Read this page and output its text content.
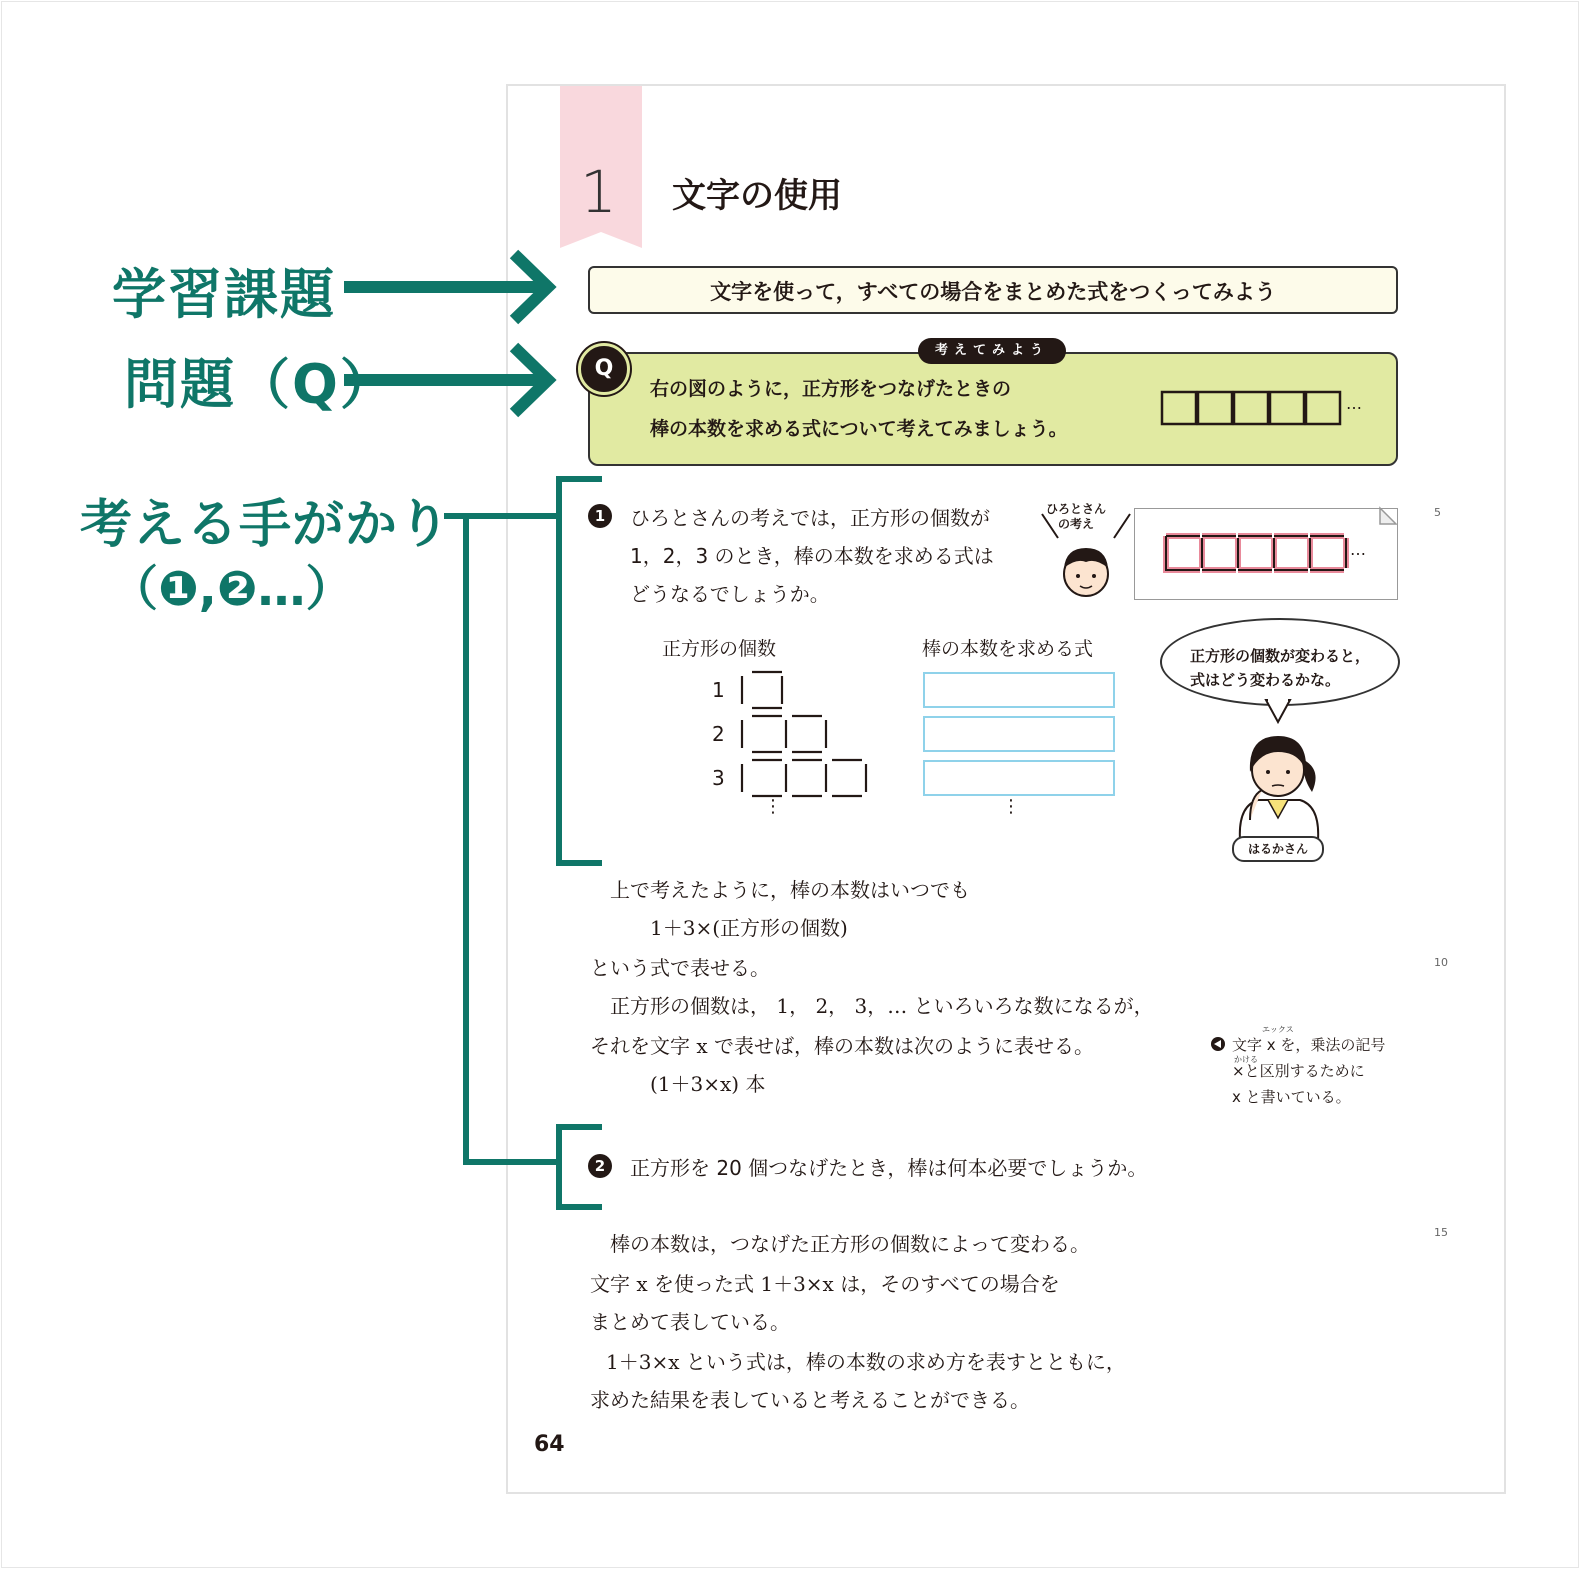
学習課題
問題（Q）
考える手がかり
（❶,❷…）
1 文字の使用
文字を使って，すべての場合をまとめた式をつくってみよう
Q
考えてみよう
右の図のように，正方形をつなげたときの
棒の本数を求める式について考えてみましょう。
…
1	ひろとさんの考えでは，正方形の個数が
1，2，3 のとき，棒の本数を求める式は
どうなるでしょうか。
ひろとさん
の考え
…
正方形の個数	棒の本数を求める式
1
2
3
⋮	⋮
正方形の個数が変わると，
式はどう変わるかな。
はるかさん
上で考えたように，棒の本数はいつでも
1＋3×(正方形の個数)
という式で表せる。
正方形の個数は， 1， 2， 3，… といろいろな数になるが，
それを文字 x で表せば，棒の本数は次のように表せる。
(1＋3×x) 本
エックス
かける
文字 x を，乗法の記号
×と区別するために
x と書いている。
2	正方形を 20 個つなげたとき，棒は何本必要でしょうか。
棒の本数は，つなげた正方形の個数によって変わる。
文字 x を使った式 1＋3×x は，そのすべての場合を
まとめて表している。
1＋3×x という式は，棒の本数の求め方を表すとともに，
求めた結果を表していると考えることができる。
64
5
10
15
